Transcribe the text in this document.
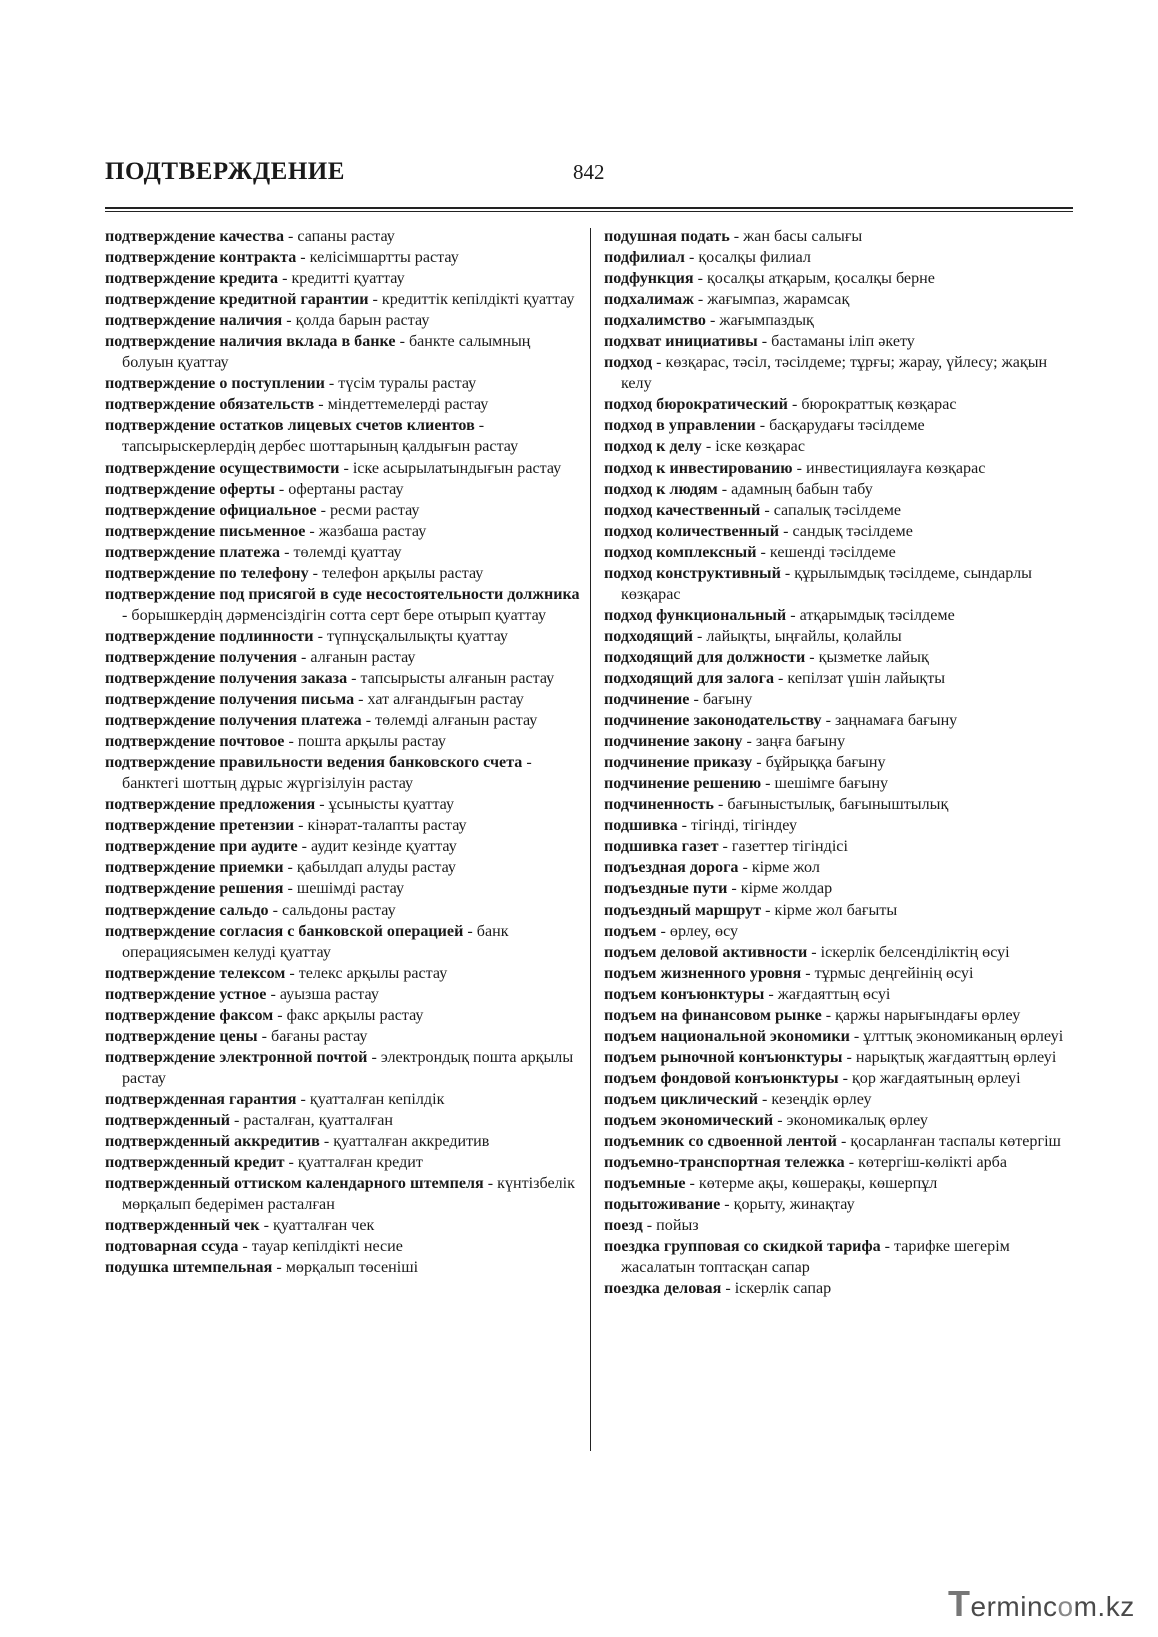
ПОДТВЕРЖДЕНИЕ	842
подтверждение качества - сапаны растау
подтверждение контракта - келісімшартты растау
подтверждение кредита - кредитті қуаттау
подтверждение кредитной гарантии - кредиттік кепілдікті қуаттау
подтверждение наличия - қолда барын растау
подтверждение наличия вклада в банке - банкте салымның болуын қуаттау
подтверждение о поступлении - түсім туралы растау
подтверждение обязательств - міндеттемелерді растау
подтверждение остатков лицевых счетов клиентов - тапсырыскерлердің дербес шоттарының қалдығын растау
подтверждение осуществимости - іске асырылатындығын растау
подтверждение оферты - офертаны растау
подтверждение официальное - ресми растау
подтверждение письменное - жазбаша растау
подтверждение платежа - төлемді қуаттау
подтверждение по телефону - телефон арқылы растау
подтверждение под присягой в суде несостоятельности должника - борышкердің дәрменсіздігін сотта серт бере отырып қуаттау
подтверждение подлинности - түпнұсқалылықты қуаттау
подтверждение получения - алғанын растау
подтверждение получения заказа - тапсырысты алғанын растау
подтверждение получения письма - хат алғандығын растау
подтверждение получения платежа - төлемді алғанын растау
подтверждение почтовое - пошта арқылы растау
подтверждение правильности ведения банковского счета - банктегі шоттың дұрыс жүргізілуін растау
подтверждение предложения - ұсынысты қуаттау
подтверждение претензии - кінәрат-талапты растау
подтверждение при аудите - аудит кезінде қуаттау
подтверждение приемки - қабылдап алуды растау
подтверждение решения - шешімді растау
подтверждение сальдо - сальдоны растау
подтверждение согласия с банковской операцией - банк операциясымен келуді қуаттау
подтверждение телексом - телекс арқылы растау
подтверждение устное - ауызша растау
подтверждение факсом - факс арқылы растау
подтверждение цены - бағаны растау
подтверждение электронной почтой - электрондық пошта арқылы растау
подтвержденная гарантия - қуатталған кепілдік
подтвержденный - расталған, қуатталған
подтвержденный аккредитив - қуатталған аккредитив
подтвержденный кредит - қуатталған кредит
подтвержденный оттиском календарного штемпеля - күнтізбелік мөрқалып бедерімен расталған
подтвержденный чек - қуатталған чек
подтоварная ссуда - тауар кепілдікті несие
подушка штемпельная - мөрқалып төсеніші
подушная подать - жан басы салығы
подфилиал - қосалқы филиал
подфункция - қосалқы атқарым, қосалқы берне
подхалимаж - жағымпаз, жарамсақ
подхалимство - жағымпаздық
подхват инициативы - бастаманы іліп әкету
подход - көзқарас, тәсіл, тәсілдеме; тұрғы; жарау, үйлесу; жақын келу
подход бюрократический - бюрократтық көзқарас
подход в управлении - басқарудағы тәсілдеме
подход к делу - іске көзқарас
подход к инвестированию - инвестициялауға көзқарас
подход к людям - адамның бабын табу
подход качественный - сапалық тәсілдеме
подход количественный - сандық тәсілдеме
подход комплексный - кешенді тәсілдеме
подход конструктивный - құрылымдық тәсілдеме, сындарлы көзқарас
подход функциональный - атқарымдық тәсілдеме
подходящий - лайықты, ыңғайлы, қолайлы
подходящий для должности - қызметке лайық
подходящий для залога - кепілзат үшін лайықты
подчинение - бағыну
подчинение законодательству - заңнамаға бағыну
подчинение закону - заңға бағыну
подчинение приказу - бұйрыққа бағыну
подчинение решению - шешімге бағыну
подчиненность - бағыныстылық, бағыныштылық
подшивка - тігінді, тігіндеу
подшивка газет - газеттер тігіндісі
подъездная дорога - кірме жол
подъездные пути - кірме жолдар
подъездный маршрут - кірме жол бағыты
подъем - өрлеу, өсу
подъем деловой активности - іскерлік белсенділіктің өсуі
подъем жизненного уровня - тұрмыс деңгейінің өсуі
подъем конъюнктуры - жағдаяттың өсуі
подъем на финансовом рынке - қаржы нарығындағы өрлеу
подъем национальной экономики - ұлттық экономиканың өрлеуі
подъем рыночной конъюнктуры - нарықтық жағдаяттың өрлеуі
подъем фондовой конъюнктуры - қор жағдаятының өрлеуі
подъем циклический - кезеңдік өрлеу
подъем экономический - экономикалық өрлеу
подъемник со сдвоенной лентой - қосарланған таспалы көтергіш
подъемно-транспортная тележка - көтергіш-көлікті арба
подъемные - көтерме ақы, көшерақы, көшерпұл
подытоживание - қорыту, жинақтау
поезд - пойыз
поездка групповая со скидкой тарифа - тарифке шегерім жасалатын топтасқан сапар
поездка деловая - іскерлік сапар
Termincom.kz
